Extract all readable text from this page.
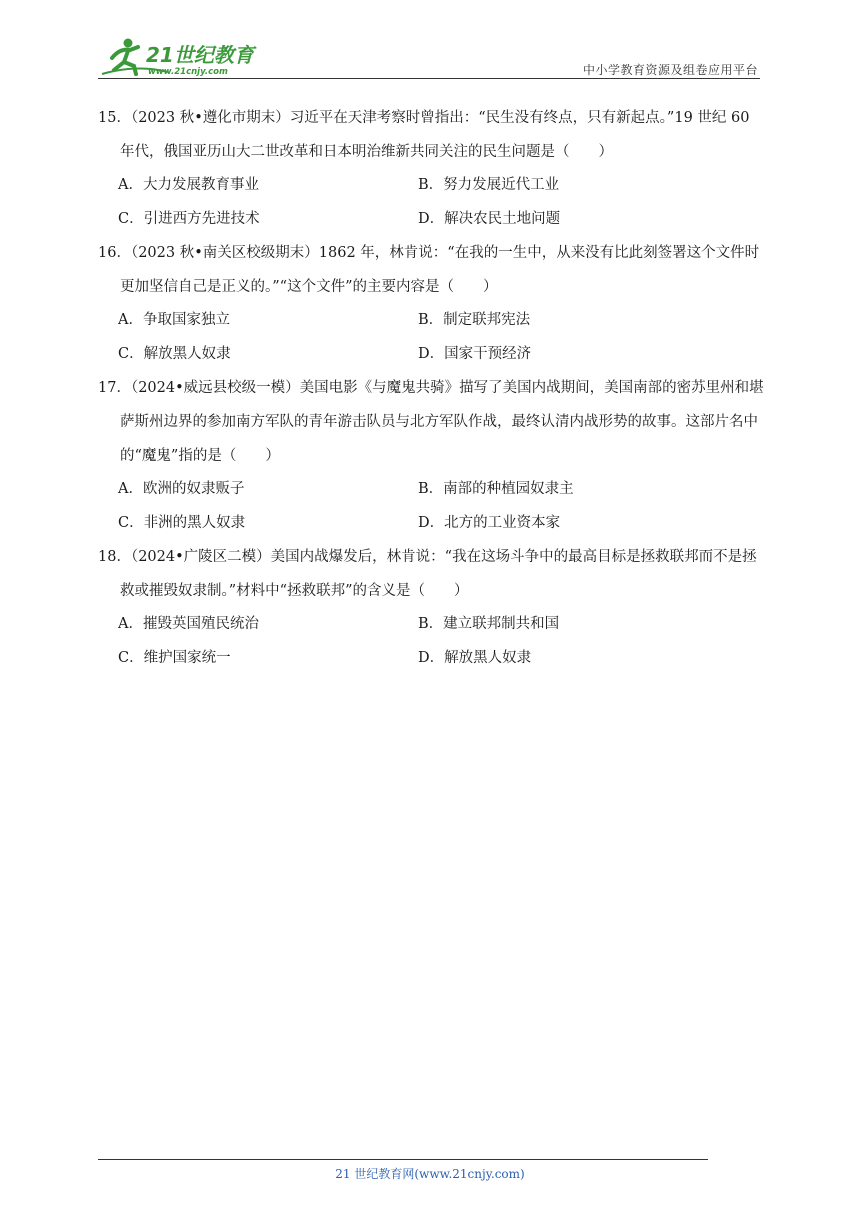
21世纪教育
www.21cnjy.com	中小学教育资源及组卷应用平台

15．（2023 秋•遵化市期末）习近平在天津考察时曾指出：“民生没有终点，只有新起点。”19 世纪 60 年代，俄国亚历山大二世改革和日本明治维新共同关注的民生问题是（　　）

A．大力发展教育事业	B．努力发展近代工业
C．引进西方先进技术	D．解决农民土地问题

16．（2023 秋•南关区校级期末）1862 年，林肯说：“在我的一生中，从来没有比此刻签署这个文件时更加坚信自己是正义的。”“这个文件”的主要内容是（　　）

A．争取国家独立	B．制定联邦宪法
C．解放黑人奴隶	D．国家干预经济

17．（2024•威远县校级一模）美国电影《与魔鬼共骑》描写了美国内战期间，美国南部的密苏里州和堪萨斯州边界的参加南方军队的青年游击队员与北方军队作战，最终认清内战形势的故事。这部片名中的“魔鬼”指的是（　　）

A．欧洲的奴隶贩子	B．南部的种植园奴隶主
C．非洲的黑人奴隶	D．北方的工业资本家

18．（2024•广陵区二模）美国内战爆发后，林肯说：“我在这场斗争中的最高目标是拯救联邦而不是拯救或摧毁奴隶制。”材料中“拯救联邦”的含义是（　　）

A．摧毁英国殖民统治	B．建立联邦制共和国
C．维护国家统一	D．解放黑人奴隶
21 世纪教育网(www.21cnjy.com)
